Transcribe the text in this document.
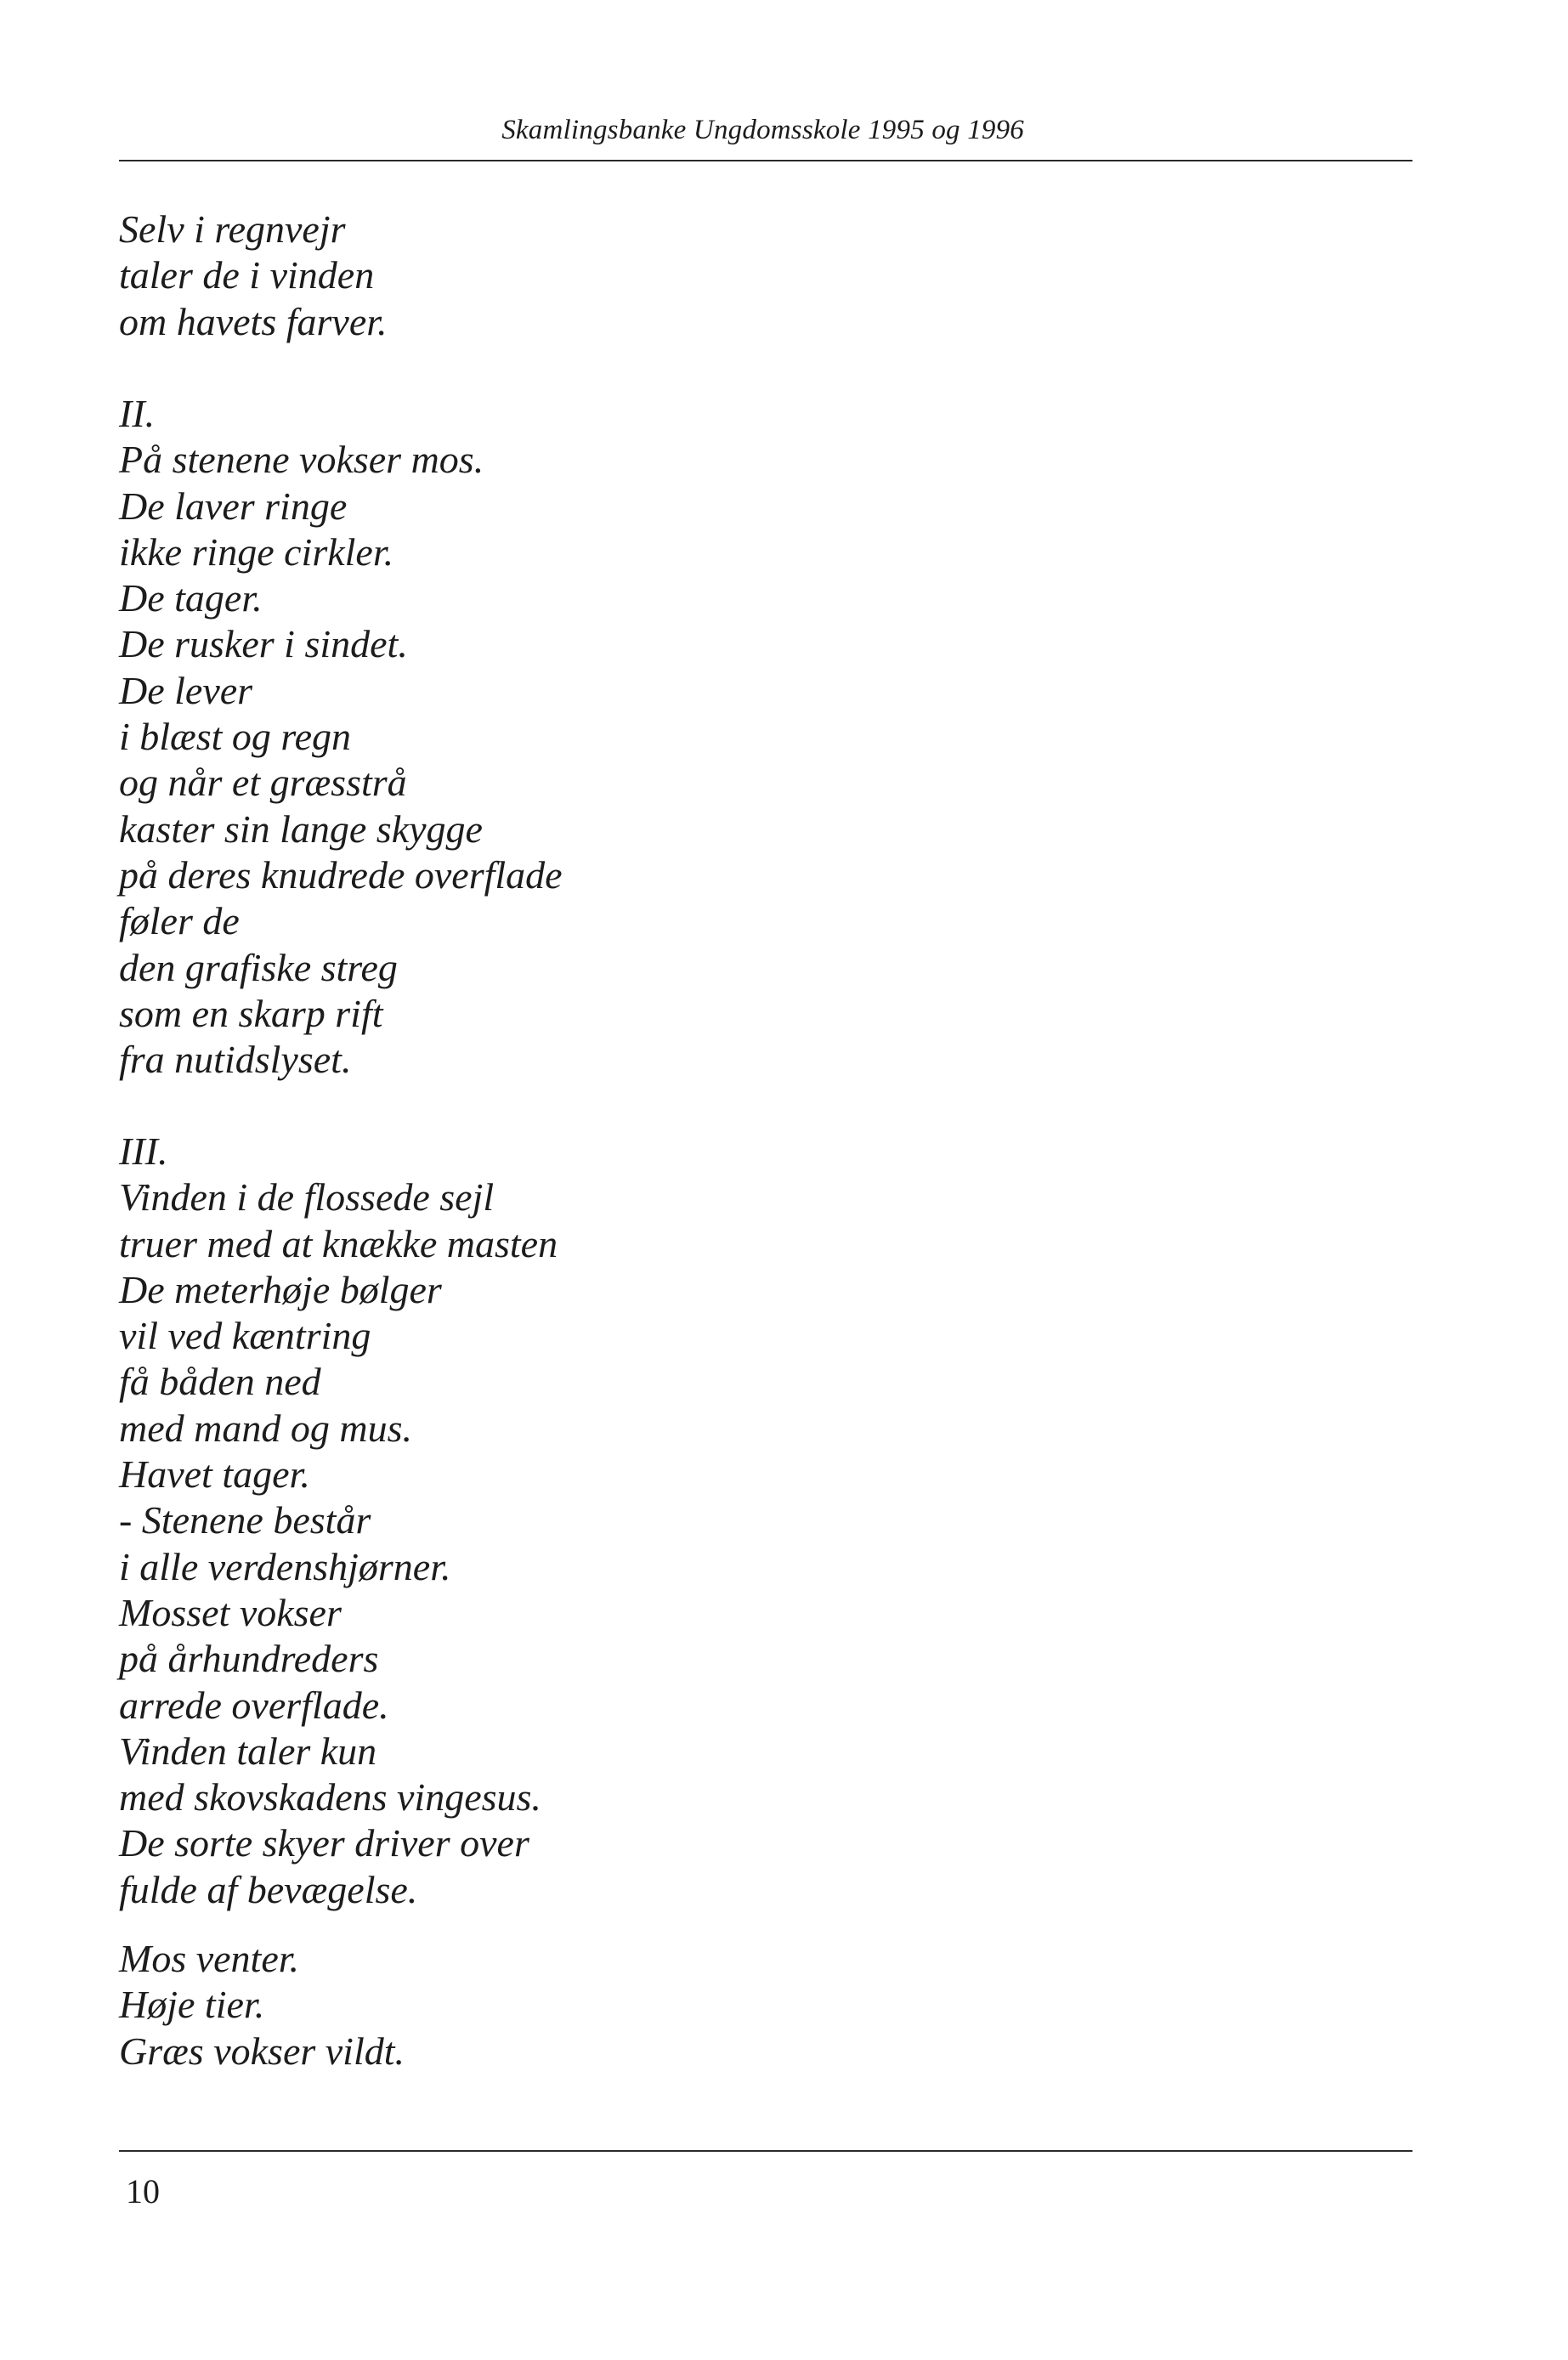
Skamlingsbanke Ungdomsskole 1995 og 1996
Selv i regnvejr
taler de i vinden
om havets farver.
II.
På stenene vokser mos.
De laver ringe
ikke ringe cirkler.
De tager.
De rusker i sindet.
De lever
i blæst og regn
og når et græsstrå
kaster sin lange skygge
på deres knudrede overflade
føler de
den grafiske streg
som en skarp rift
fra nutidslyset.
III.
Vinden i de flossede sejl
truer med at knække masten
De meterhøje bølger
vil ved kæntring
få båden ned
med mand og mus.
Havet tager.
- Stenene består
i alle verdenshjørner.
Mosset vokser
på århundreders
arrede overflade.
Vinden taler kun
med skovskadens vingesus.
De sorte skyer driver over
fulde af bevægelse.
Mos venter.
Høje tier.
Græs vokser vildt.
10
